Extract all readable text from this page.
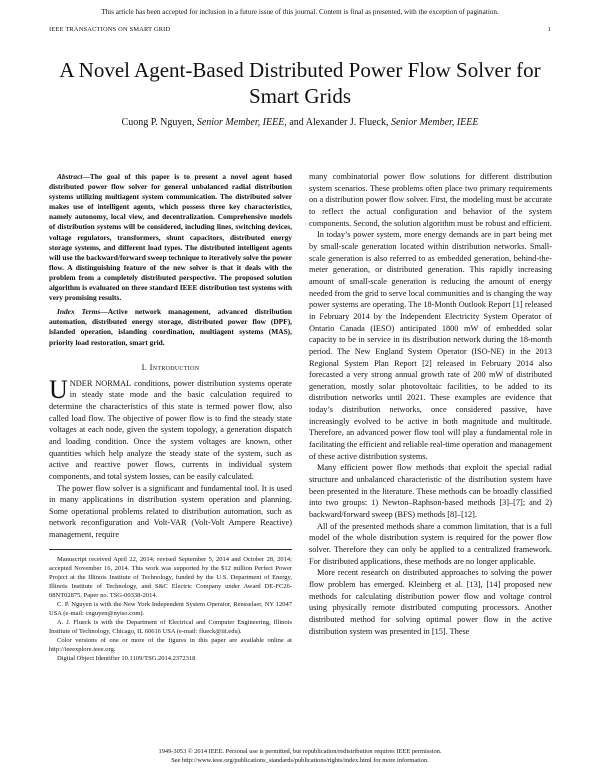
This article has been accepted for inclusion in a future issue of this journal. Content is final as presented, with the exception of pagination.
IEEE TRANSACTIONS ON SMART GRID	1
A Novel Agent-Based Distributed Power Flow Solver for Smart Grids
Cuong P. Nguyen, Senior Member, IEEE, and Alexander J. Flueck, Senior Member, IEEE

Abstract—The goal of this paper is to present a novel agent based distributed power flow solver for general unbalanced radial distribution systems utilizing multiagent system communication. The distributed solver makes use of intelligent agents, which possess three key characteristics, namely autonomy, local view, and decentralization. Comprehensive models of distribution systems will be considered, including lines, switching devices, voltage regulators, transformers, shunt capacitors, distributed energy storage systems, and different load types. The distributed intelligent agents will use the backward/forward sweep technique to iteratively solve the power flow. A distinguishing feature of the new solver is that it deals with the problem from a completely distributed perspective. The proposed solution algorithm is evaluated on three standard IEEE distribution test systems with very promising results.

Index Terms—Active network management, advanced distribution automation, distributed energy storage, distributed power flow (DPF), islanded operation, islanding coordination, multiagent systems (MAS), priority load restoration, smart grid.

I. Introduction

UNDER NORMAL conditions, power distribution systems operate in steady state mode and the basic calculation required to determine the characteristics of this state is termed power flow, also called load flow. The objective of power flow is to find the steady state voltages at each node, given the system topology, a generation dispatch and loading condition. Once the system voltages are known, other quantities which help analyze the steady state of the system, such as active and reactive power flows, currents in individual system components, and total system losses, can be easily calculated.

The power flow solver is a significant and fundamental tool. It is used in many applications in distribution system operation and planning. Some operational problems related to distribution automation, such as network reconfiguration and Volt-VAR (Volt-Volt Ampere Reactive) management, require

Manuscript received April 22, 2014; revised September 5, 2014 and October 28, 2014; accepted November 16, 2014. This work was supported by the $12 million Perfect Power Project at the Illinois Institute of Technology, funded by the U.S. Department of Energy, Illinois Institute of Technology, and S&C Electric Company under Award DE-FC26-08NT02875. Paper no. TSG-00338-2014.

C. P. Nguyen is with the New York Independent System Operator, Rensselaer, NY 12047 USA (e-mail: cnguyen@nyiso.com).

A. J. Flueck is with the Department of Electrical and Computer Engineering, Illinois Institute of Technology, Chicago, IL 60616 USA (e-mail: flueck@iit.edu).

Color versions of one or more of the figures in this paper are available online at http://ieeexplore.ieee.org.

Digital Object Identifier 10.1109/TSG.2014.2372318

many combinatorial power flow solutions for different distribution system scenarios. These problems often place two primary requirements on a distribution power flow solver. First, the modeling must be accurate to reflect the actual configuration and behavior of the system components. Second, the solution algorithm must be robust and efficient.

In today’s power system, more energy demands are in part being met by small-scale generation located within distribution networks. Small-scale generation is also referred to as embedded generation, behind-the-meter generation, or distributed generation. This rapidly increasing amount of small-scale generation is reducing the amount of energy needed from the grid to serve local communities and is changing the way power systems are operating. The 18-Month Outlook Report [1] released in February 2014 by the Independent Electricity System Operator of Ontario Canada (IESO) anticipated 1800 mW of embedded solar capacity to be in service in its distribution network during the 18-month period. The New England System Operator (ISO-NE) in the 2013 Regional System Plan Report [2] released in February 2014 also forecasted a very strong annual growth rate of 200 mW of distributed generation, mostly solar photovoltaic facilities, to be added to its distribution networks until 2021. These examples are evidence that today’s distribution networks, once considered passive, have increasingly evolved to be active in both magnitude and multitude. Therefore, an advanced power flow tool will play a fundamental role in facilitating the efficient and reliable real-time operation and management of these active distribution systems.

Many efficient power flow methods that exploit the special radial structure and unbalanced characteristic of the distribution system have been presented in the literature. These methods can be broadly classified into two groups: 1) Newton–Raphson-based methods [3]–[7]; and 2) backward/forward sweep (BFS) methods [8]–[12].

All of the presented methods share a common limitation, that is a full model of the whole distribution system is required for the power flow solver. Therefore they can only be applied to a centralized framework. For distributed applications, these methods are no longer applicable.

More recent research on distributed approaches to solving the power flow problem has emerged. Kleinberg et al. [13], [14] proposed new methods for calculating distribution power flow and voltage control using physically remote distributed computing processors. Another distributed method for solving optimal power flow in the active distribution system was presented in [15]. These

1949-3053 © 2014 IEEE. Personal use is permitted, but republication/redistribution requires IEEE permission.
See http://www.ieee.org/publications_standards/publications/rights/index.html for more information.
